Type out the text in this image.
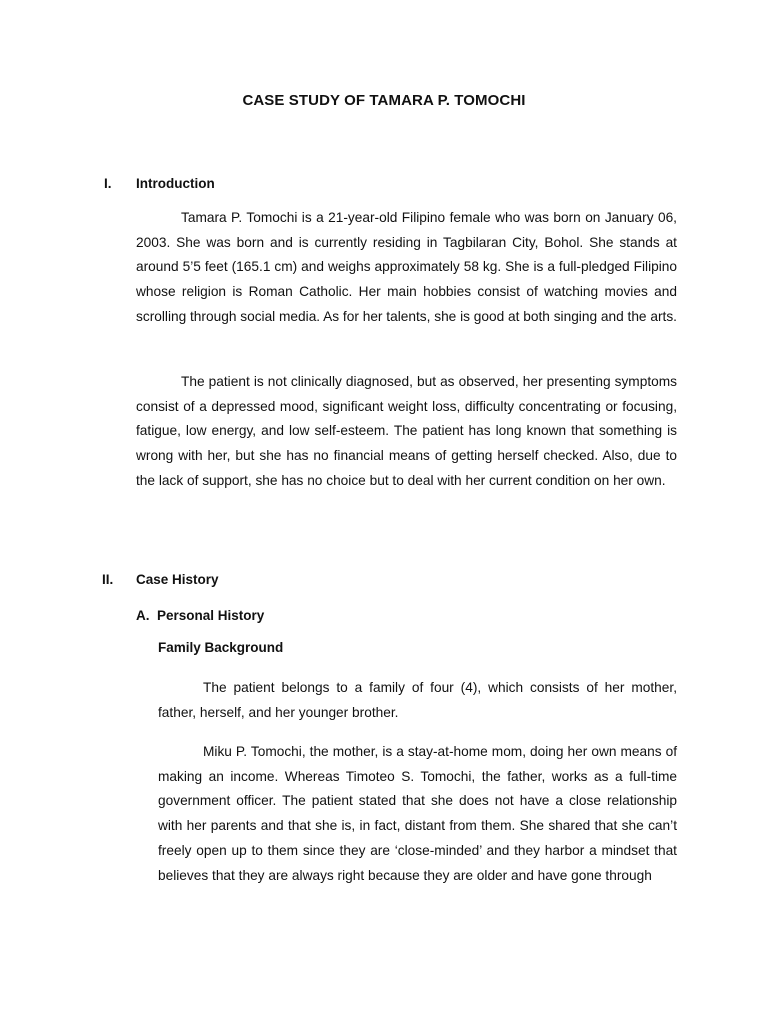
CASE STUDY OF TAMARA P. TOMOCHI
I. Introduction

Tamara P. Tomochi is a 21-year-old Filipino female who was born on January 06, 2003. She was born and is currently residing in Tagbilaran City, Bohol. She stands at around 5’5 feet (165.1 cm) and weighs approximately 58 kg. She is a full-pledged Filipino whose religion is Roman Catholic. Her main hobbies consist of watching movies and scrolling through social media. As for her talents, she is good at both singing and the arts.

The patient is not clinically diagnosed, but as observed, her presenting symptoms consist of a depressed mood, significant weight loss, difficulty concentrating or focusing, fatigue, low energy, and low self-esteem. The patient has long known that something is wrong with her, but she has no financial means of getting herself checked. Also, due to the lack of support, she has no choice but to deal with her current condition on her own.

II. Case History
A.  Personal History
Family Background

The patient belongs to a family of four (4), which consists of her mother, father, herself, and her younger brother.

Miku P. Tomochi, the mother, is a stay-at-home mom, doing her own means of making an income. Whereas Timoteo S. Tomochi, the father, works as a full-time government officer. The patient stated that she does not have a close relationship with her parents and that she is, in fact, distant from them. She shared that she can’t freely open up to them since they are ‘close-minded’ and they harbor a mindset that believes that they are always right because they are older and have gone through
